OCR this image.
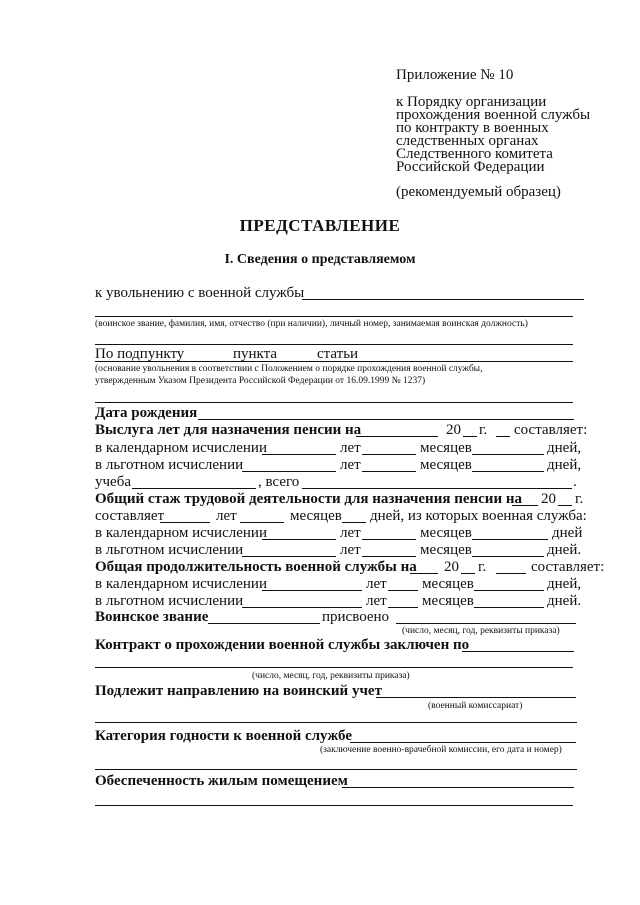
Приложение № 10
к Порядку организации
прохождения военной службы
по контракту в военных
следственных органах
Следственного комитета
Российской Федерации
(рекомендуемый образец)
ПРЕДСТАВЛЕНИЕ
I. Сведения о представляемом
к увольнению с военной службы
(воинское звание, фамилия, имя, отчество (при наличии), личный номер, занимаемая воинская должность)
По подпункту	пункта	статьи
(основание увольнения в соответствии с Положением о порядке прохождения военной службы,
утвержденным Указом Президента Российской Федерации от 16.09.1999 № 1237)
Дата рождения
Выслуга лет для назначения пенсии на	20 г. составляет:
в календарном исчислении	лет	месяцев	дней,
в льготном исчислении	лет	месяцев	дней,
учеба	, всего	.
Общий стаж трудовой деятельности для назначения пенсии на 20 г.
составляет	лет	месяцев дней, из которых военная служба:
в календарном исчислении	лет	месяцев	дней
в льготном исчислении	лет	месяцев	дней.
Общая продолжительность военной службы на 20 г.	составляет:
в календарном исчислении	лет месяцев	дней,
в льготном исчислении	лет месяцев	дней.
Воинское звание	присвоено
(число, месяц, год, реквизиты приказа)
Контракт о прохождении военной службы заключен по
(число, месяц, год, реквизиты приказа)
Подлежит направлению на воинский учет
(военный комиссариат)
Категория годности к военной службе
(заключение военно-врачебной комиссии, его дата и номер)
Обеспеченность жилым помещением
